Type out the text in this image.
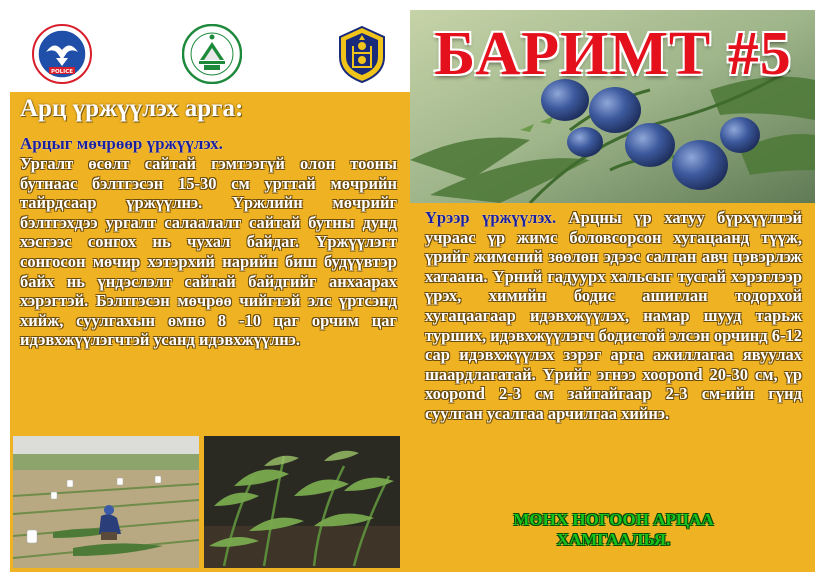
POLICE	БАРИМТ #5
Арц үржүүлэх арга:
Арцыг мөчрөөр үржүүлэх.
Ургалт өсөлт сайтай гэмтээгүй олон тооны бутнаас бэлтгэсэн 15-30 см урттай мөчрийн тайрдсаар үржүүлнэ. Үржлийн мөчрийг бэлтгэхдээ ургалт салаалалт сайтай бутны дунд хэсгээс сонгох нь чухал байдаг. Үржүүлэгт сонгосон мөчир хэтэрхий нарийн биш будүүвтэр байх нь үндэслэлт сайтай байдгийг анхаарах хэрэгтэй. Бэлтгэсэн мөчрөө чийгтэй элс үртсэнд хийж, суулгахын өмнө 8 -10 цаг орчим цаг идэвхжүүлэгчтэй усанд идэвхжүүлнэ.
Үрээр үржүүлэх. Арцны үр хатуу бүрхүүлтэй учраас үр жимс боловсорсон хугацаанд түүж, үрийг жимсний зөөлөн эдээс салган авч цэвэрлэж хатаана. Үрний гадуурх хальсыг тусгай хэрэглээр үрэх, химийн бодис ашиглан тодорхой хугацаагаар идэвхжүүлэх, намар шууд тарьж турших, идэвхжүүлэгч бодистой элсэн орчинд 6-12 сар идэвхжүүлэх зэрэг арга ажиллагаа явуулах шаардлагатай. Үрийг эгнээ хоорond 20-30 см, үр хоорond 2-3 см зайтайгаар 2-3 см-ийн гүнд суулган усалгаа арчилгаа хийнэ.
МӨНХ НОГООН АРЦАА
ХАМГААЛЬЯ.
